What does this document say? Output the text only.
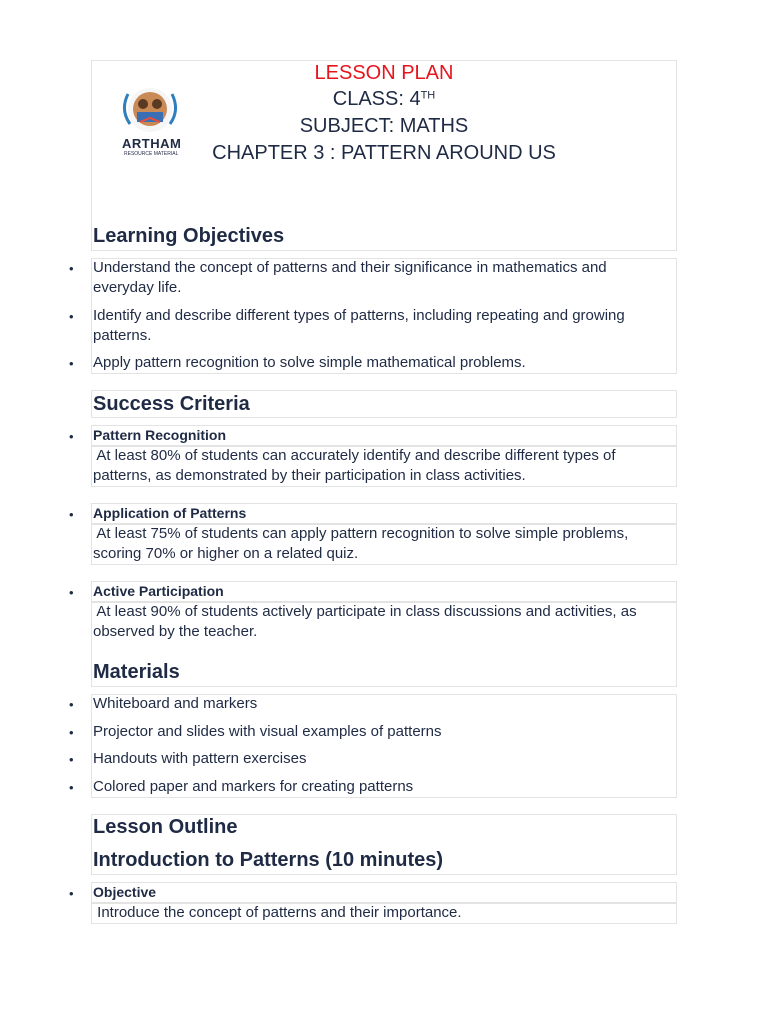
ARTHAM
RESOURCE MATERIAL
LESSON PLAN
CLASS: 4TH
SUBJECT: MATHS
CHAPTER 3 : PATTERN AROUND US
Learning Objectives
• Understand the concept of patterns and their significance in mathematics and
everyday life.
• Identify and describe different types of patterns, including repeating and growing
patterns.
• Apply pattern recognition to solve simple mathematical problems.
Success Criteria
• Pattern Recognition
At least 80% of students can accurately identify and describe different types of
patterns, as demonstrated by their participation in class activities.
• Application of Patterns
At least 75% of students can apply pattern recognition to solve simple problems,
scoring 70% or higher on a related quiz.
• Active Participation
At least 90% of students actively participate in class discussions and activities, as
observed by the teacher.
Materials
• Whiteboard and markers
• Projector and slides with visual examples of patterns
• Handouts with pattern exercises
• Colored paper and markers for creating patterns
Lesson Outline
Introduction to Patterns (10 minutes)
• Objective
Introduce the concept of patterns and their importance.
